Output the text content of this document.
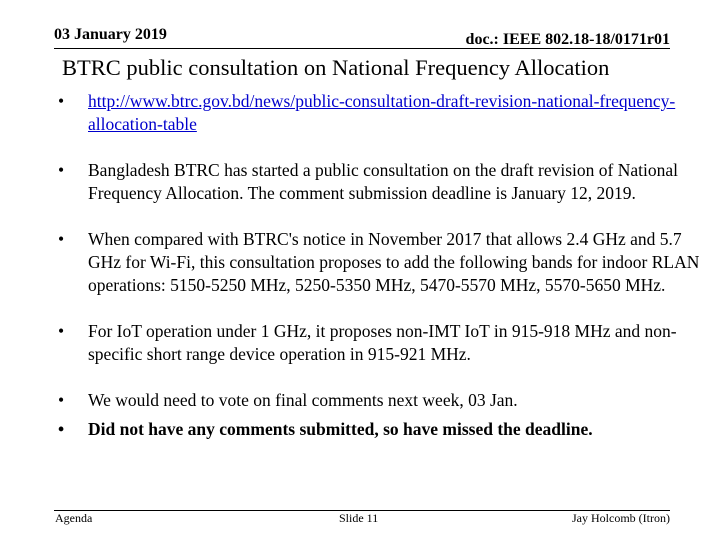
03 January 2019	doc.: IEEE 802.18-18/0171r01
BTRC public consultation on National Frequency Allocation
• http://www.btrc.gov.bd/news/public-consultation-draft-revision-national-frequency-allocation-table
• Bangladesh BTRC has started a public consultation on the draft revision of National Frequency Allocation. The comment submission deadline is January 12, 2019.
• When compared with BTRC's notice in November 2017 that allows 2.4 GHz and 5.7 GHz for Wi-Fi, this consultation proposes to add the following bands for indoor RLAN operations: 5150-5250 MHz, 5250-5350 MHz, 5470-5570 MHz, 5570-5650 MHz.
• For IoT operation under 1 GHz, it proposes non-IMT IoT in 915-918 MHz and non-specific short range device operation in 915-921 MHz.
• We would need to vote on final comments next week, 03 Jan.
• Did not have any comments submitted, so have missed the deadline.
Agenda	Slide 11	Jay Holcomb (Itron)
